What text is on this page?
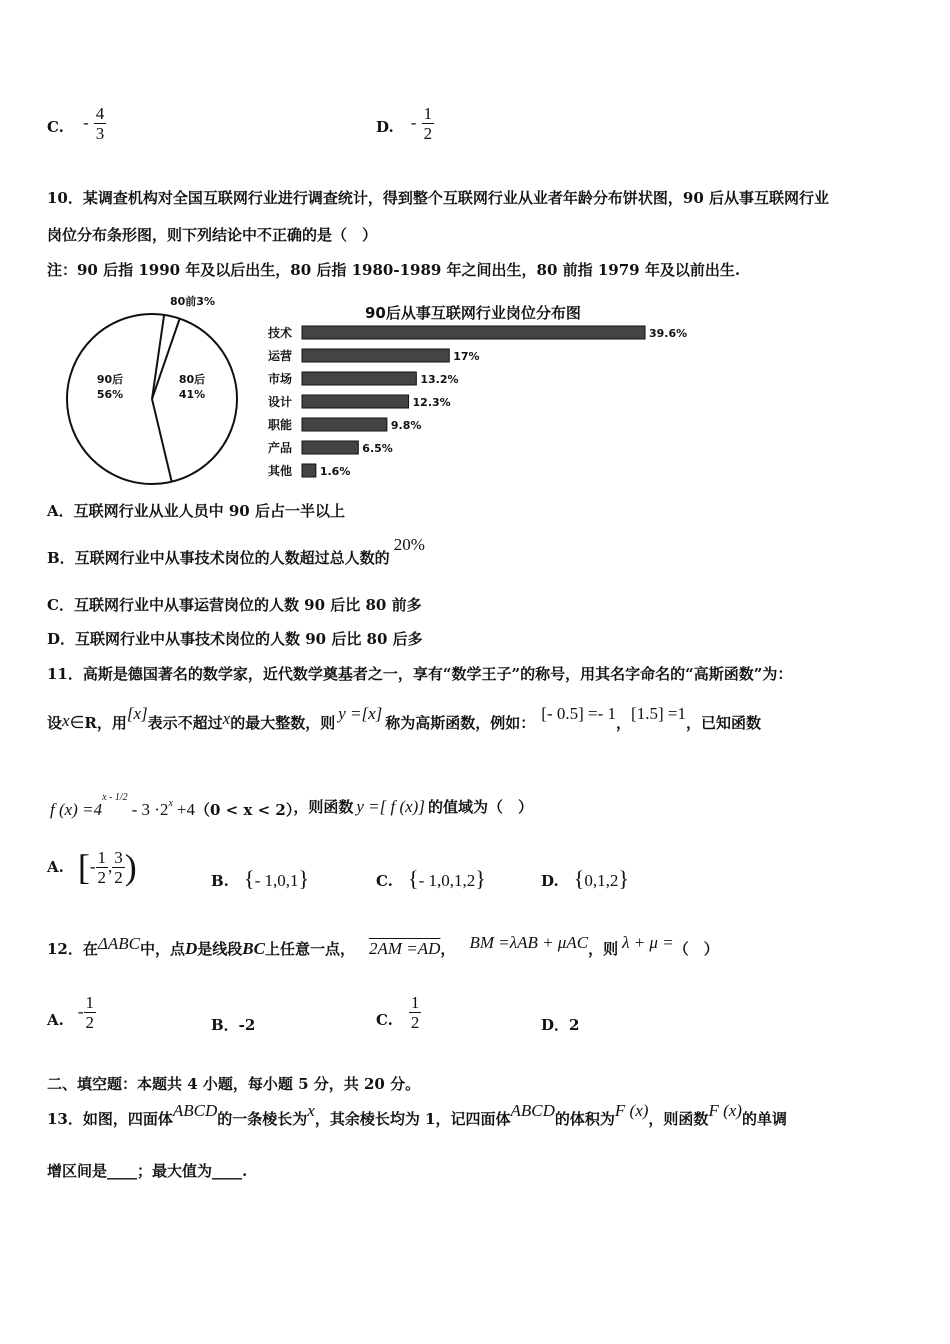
C. - $\frac{4}{3}$	D. - $\frac{1}{2}$
10．某调查机构对全国互联网行业进行调查统计，得到整个互联网行业从业者年龄分布饼状图，90 后从事互联网行业
岗位分布条形图，则下列结论中不正确的是（　）
注：90 后指 1990 年及以后出生，80 后指 1980-1989 年之间出生，80 前指 1979 年及以前出生.
90后
56%
80后
41%
80前3%
90后从事互联网行业岗位分布图
技术	39.6%
运营	17%
市场	13.2%
设计	12.3%
职能	9.8%
产品	6.5%
其他	1.6%
A．互联网行业从业人员中 90 后占一半以上
B．互联网行业中从事技术岗位的人数超过总人数的20%
C．互联网行业中从事运营岗位的人数 90 后比 80 前多
D．互联网行业中从事技术岗位的人数 90 后比 80 后多
11．高斯是德国著名的数学家，近代数学奠基者之一，享有“数学王子”的称号，用其名字命名的“高斯函数”为：
设x∈R，用[x]表示不超过x的最大整数，则 y =[x] 称为高斯函数，例如： [- 0.5] =- 1，[1.5] =1，已知函数
f $(x) =4^{x - 1/2}-$ $3 \cdot 2^x +4(0 < x < 2)$，则函数 y =[ f (x)] 的值域为（　）
A. [ - $\frac{1}{2}$ , $\frac{3}{2}$ )	B. {- 1,0,1}	C. {- 1,0,1,2}	D. {0,1,2}
12．在ΔABC中，点D是线段BC上任意一点， 2AM =AD， BM =λAB + μAC，则 λ + μ =（　）
A. - $\frac{1}{2}$	B．-2	C. $\frac{1}{2}$	D．2
二、填空题：本题共 4 小题，每小题 5 分，共 20 分。
13．如图，四面体ABCD的一条棱长为x，其余棱长均为 1，记四面体ABCD的体积为F (x)，则函数F (x)的单调
增区间是____；最大值为____.
